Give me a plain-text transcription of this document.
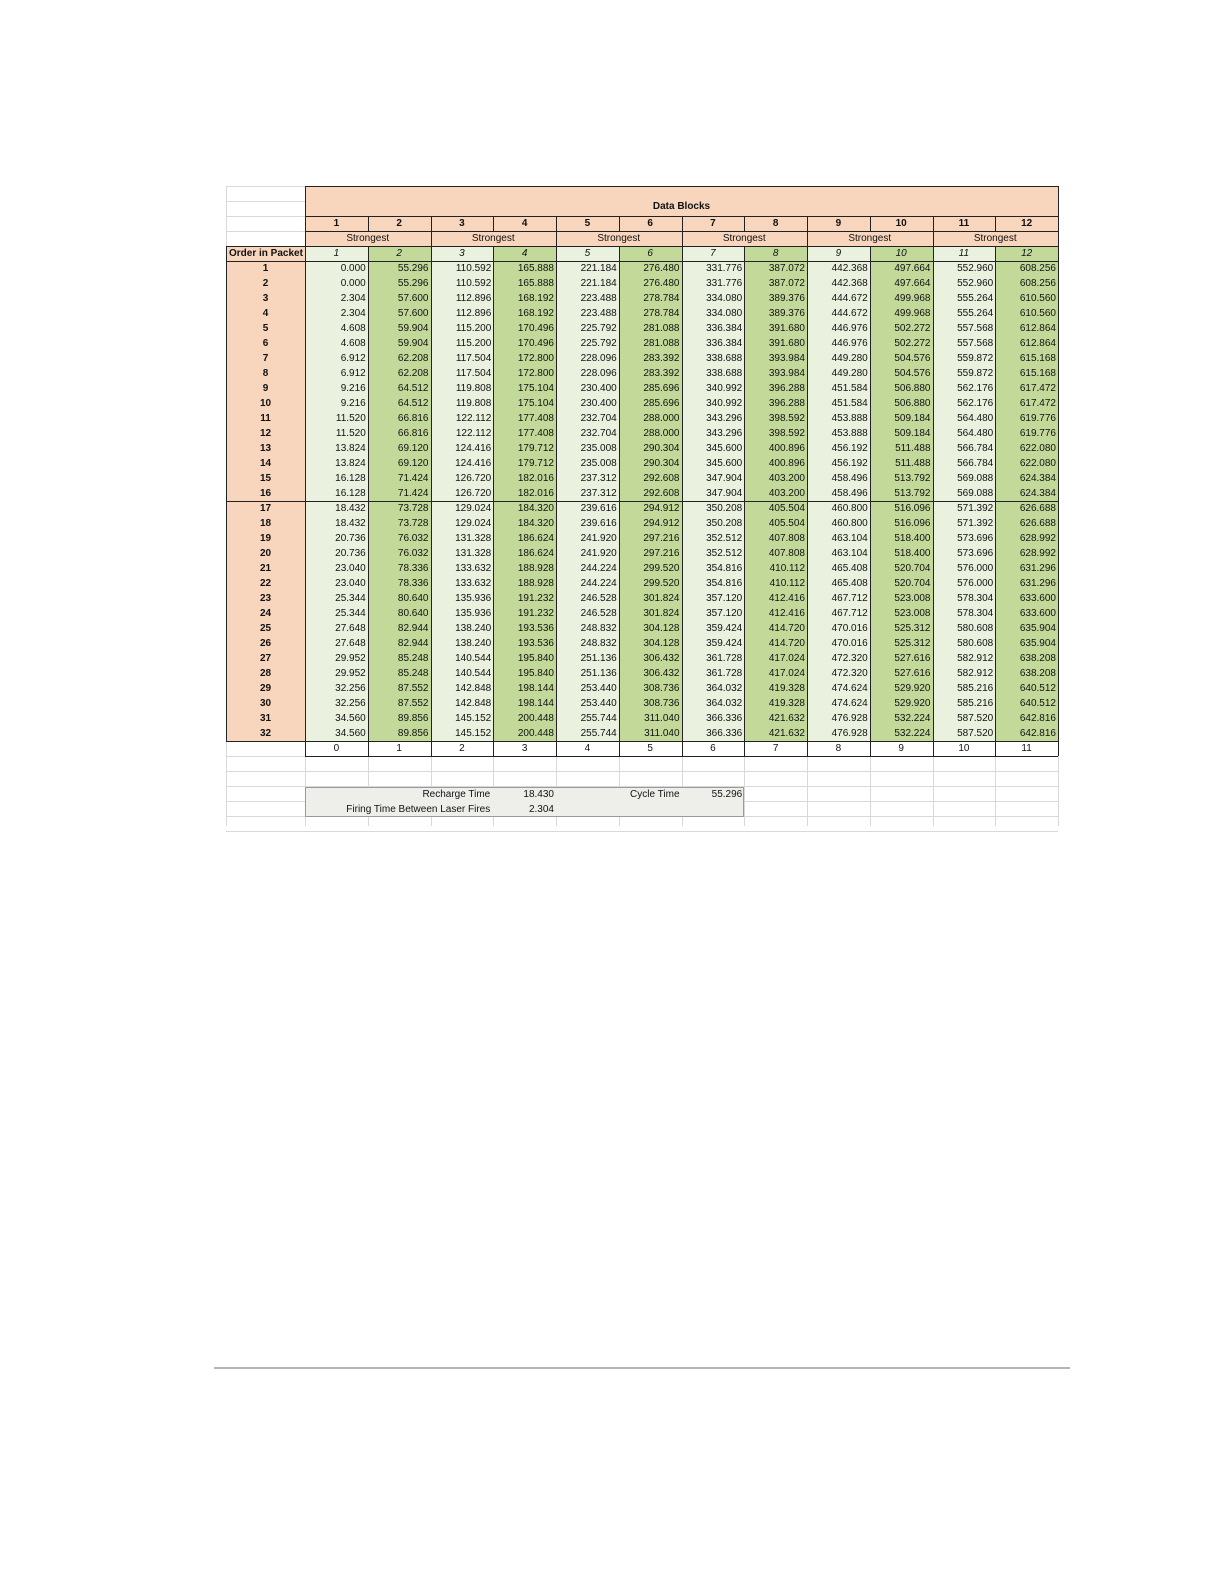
Data Blocks
1	2	3	4	5	6	7	8	9	10	11	12
Strongest	Strongest	Strongest	Strongest	Strongest	Strongest
Order in Packet	1	2	3	4	5	6	7	8	9	10	11	12
1	0.000	55.296	110.592	165.888	221.184	276.480	331.776	387.072	442.368	497.664	552.960	608.256
2	0.000	55.296	110.592	165.888	221.184	276.480	331.776	387.072	442.368	497.664	552.960	608.256
3	2.304	57.600	112.896	168.192	223.488	278.784	334.080	389.376	444.672	499.968	555.264	610.560
4	2.304	57.600	112.896	168.192	223.488	278.784	334.080	389.376	444.672	499.968	555.264	610.560
5	4.608	59.904	115.200	170.496	225.792	281.088	336.384	391.680	446.976	502.272	557.568	612.864
6	4.608	59.904	115.200	170.496	225.792	281.088	336.384	391.680	446.976	502.272	557.568	612.864
7	6.912	62.208	117.504	172.800	228.096	283.392	338.688	393.984	449.280	504.576	559.872	615.168
8	6.912	62.208	117.504	172.800	228.096	283.392	338.688	393.984	449.280	504.576	559.872	615.168
9	9.216	64.512	119.808	175.104	230.400	285.696	340.992	396.288	451.584	506.880	562.176	617.472
10	9.216	64.512	119.808	175.104	230.400	285.696	340.992	396.288	451.584	506.880	562.176	617.472
11	11.520	66.816	122.112	177.408	232.704	288.000	343.296	398.592	453.888	509.184	564.480	619.776
12	11.520	66.816	122.112	177.408	232.704	288.000	343.296	398.592	453.888	509.184	564.480	619.776
13	13.824	69.120	124.416	179.712	235.008	290.304	345.600	400.896	456.192	511.488	566.784	622.080
14	13.824	69.120	124.416	179.712	235.008	290.304	345.600	400.896	456.192	511.488	566.784	622.080
15	16.128	71.424	126.720	182.016	237.312	292.608	347.904	403.200	458.496	513.792	569.088	624.384
16	16.128	71.424	126.720	182.016	237.312	292.608	347.904	403.200	458.496	513.792	569.088	624.384
17	18.432	73.728	129.024	184.320	239.616	294.912	350.208	405.504	460.800	516.096	571.392	626.688
18	18.432	73.728	129.024	184.320	239.616	294.912	350.208	405.504	460.800	516.096	571.392	626.688
19	20.736	76.032	131.328	186.624	241.920	297.216	352.512	407.808	463.104	518.400	573.696	628.992
20	20.736	76.032	131.328	186.624	241.920	297.216	352.512	407.808	463.104	518.400	573.696	628.992
21	23.040	78.336	133.632	188.928	244.224	299.520	354.816	410.112	465.408	520.704	576.000	631.296
22	23.040	78.336	133.632	188.928	244.224	299.520	354.816	410.112	465.408	520.704	576.000	631.296
23	25.344	80.640	135.936	191.232	246.528	301.824	357.120	412.416	467.712	523.008	578.304	633.600
24	25.344	80.640	135.936	191.232	246.528	301.824	357.120	412.416	467.712	523.008	578.304	633.600
25	27.648	82.944	138.240	193.536	248.832	304.128	359.424	414.720	470.016	525.312	580.608	635.904
26	27.648	82.944	138.240	193.536	248.832	304.128	359.424	414.720	470.016	525.312	580.608	635.904
27	29.952	85.248	140.544	195.840	251.136	306.432	361.728	417.024	472.320	527.616	582.912	638.208
28	29.952	85.248	140.544	195.840	251.136	306.432	361.728	417.024	472.320	527.616	582.912	638.208
29	32.256	87.552	142.848	198.144	253.440	308.736	364.032	419.328	474.624	529.920	585.216	640.512
30	32.256	87.552	142.848	198.144	253.440	308.736	364.032	419.328	474.624	529.920	585.216	640.512
31	34.560	89.856	145.152	200.448	255.744	311.040	366.336	421.632	476.928	532.224	587.520	642.816
32	34.560	89.856	145.152	200.448	255.744	311.040	366.336	421.632	476.928	532.224	587.520	642.816
0	1	2	3	4	5	6	7	8	9	10	11
Recharge Time	18.430	Cycle Time	55.296
Firing Time Between Laser Fires	2.304
